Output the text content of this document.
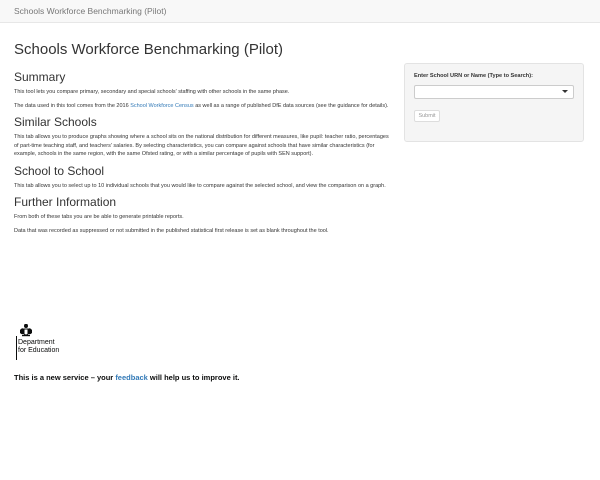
Schools Workforce Benchmarking (Pilot)
Schools Workforce Benchmarking (Pilot)
Summary

This tool lets you compare primary, secondary and special schools' staffing with other schools in the same phase.

The data used in this tool comes from the 2016 School Workforce Census as well as a range of published DfE data sources (see the guidance for details).

Similar Schools

This tab allows you to produce graphs showing where a school sits on the national distribution for different measures, like pupil: teacher ratio, percentages of part-time teaching staff, and teachers' salaries. By selecting characteristics, you can compare against schools that have similar characteristics (for example, schools in the same region, with the same Ofsted rating, or with a similar percentage of pupils with SEN support).

School to School

This tab allows you to select up to 10 individual schools that you would like to compare against the selected school, and view the comparison on a graph.

Further Information

From both of these tabs you are be able to generate printable reports.

Data that was recorded as suppressed or not submitted in the published statistical first release is set as blank throughout the tool.

Enter School URN or Name (Type to Search):
Submit
Department
for Education
This is a new service – your feedback will help us to improve it.
